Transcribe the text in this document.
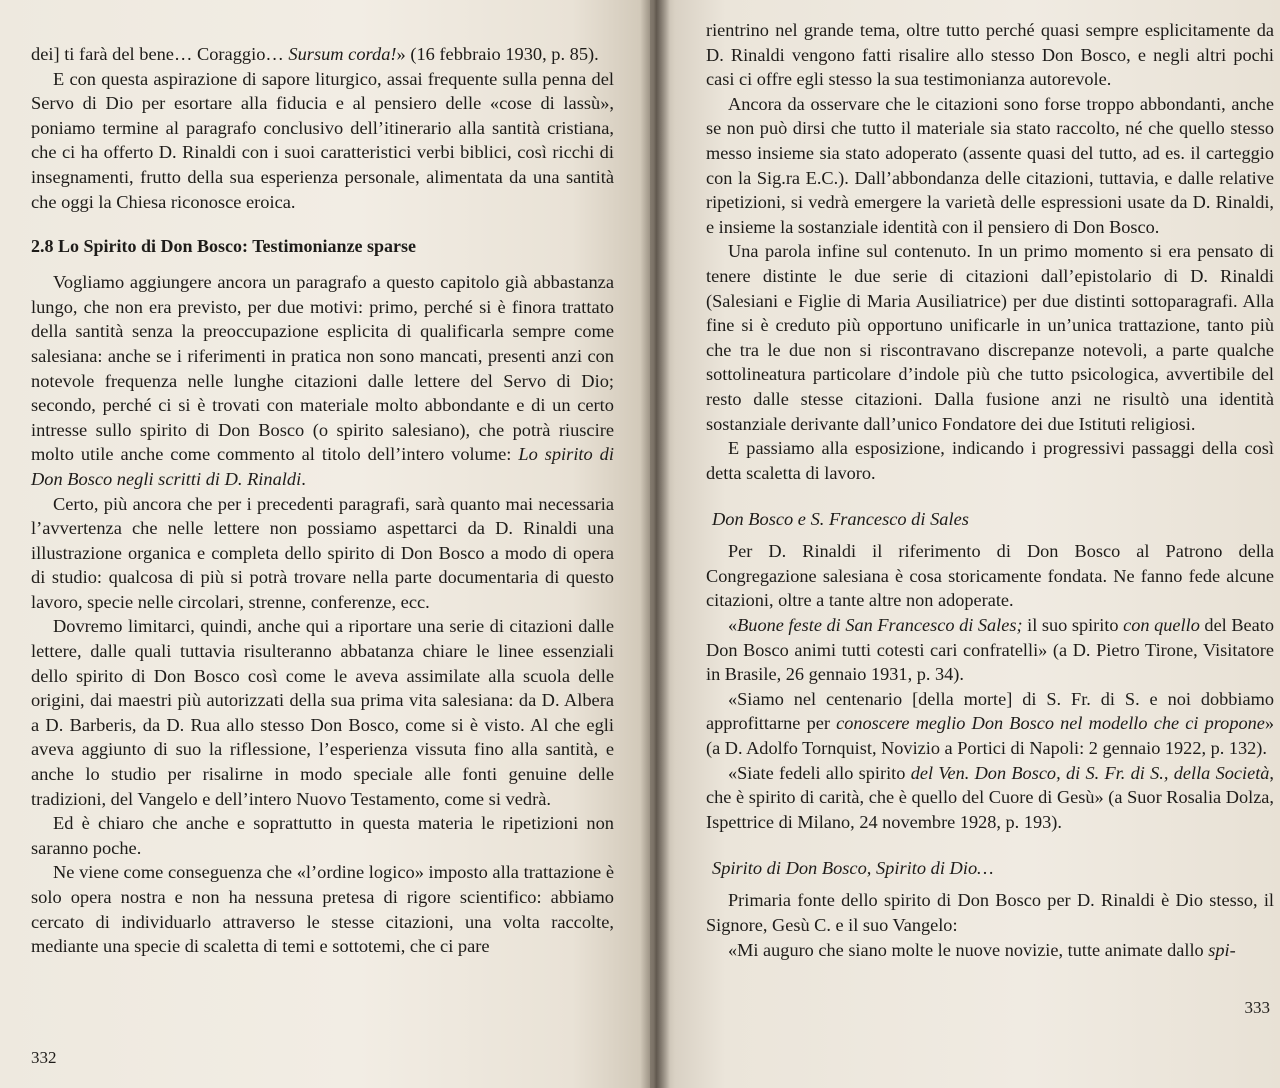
dei] ti farà del bene… Coraggio… Sursum corda!» (16 febbraio 1930, p. 85).

E con questa aspirazione di sapore liturgico, assai frequente sulla penna del Servo di Dio per esortare alla fiducia e al pensiero delle «cose di lassù», poniamo termine al paragrafo conclusivo dell’itinerario alla santità cristiana, che ci ha offerto D. Rinaldi con i suoi caratteristici verbi biblici, così ricchi di insegnamenti, frutto della sua esperienza personale, alimentata da una santità che oggi la Chiesa riconosce eroica.

2.8 Lo Spirito di Don Bosco: Testimonianze sparse

Vogliamo aggiungere ancora un paragrafo a questo capitolo già abbastanza lungo, che non era previsto, per due motivi: primo, perché si è finora trattato della santità senza la preoccupazione esplicita di qualificarla sempre come salesiana: anche se i riferimenti in pratica non sono mancati, presenti anzi con notevole frequenza nelle lunghe citazioni dalle lettere del Servo di Dio; secondo, perché ci si è trovati con materiale molto abbondante e di un certo intresse sullo spirito di Don Bosco (o spirito salesiano), che potrà riuscire molto utile anche come commento al titolo dell’intero volume: Lo spirito di Don Bosco negli scritti di D. Rinaldi.

Certo, più ancora che per i precedenti paragrafi, sarà quanto mai necessaria l’avvertenza che nelle lettere non possiamo aspettarci da D. Rinaldi una illustrazione organica e completa dello spirito di Don Bosco a modo di opera di studio: qualcosa di più si potrà trovare nella parte documentaria di questo lavoro, specie nelle circolari, strenne, conferenze, ecc.

Dovremo limitarci, quindi, anche qui a riportare una serie di citazioni dalle lettere, dalle quali tuttavia risulteranno abbatanza chiare le linee essenziali dello spirito di Don Bosco così come le aveva assimilate alla scuola delle origini, dai maestri più autorizzati della sua prima vita salesiana: da D. Albera a D. Barberis, da D. Rua allo stesso Don Bosco, come si è visto. Al che egli aveva aggiunto di suo la riflessione, l’esperienza vissuta fino alla santità, e anche lo studio per risalirne in modo speciale alle fonti genuine delle tradizioni, del Vangelo e dell’intero Nuovo Testamento, come si vedrà.

Ed è chiaro che anche e soprattutto in questa materia le ripetizioni non saranno poche.

Ne viene come conseguenza che «l’ordine logico» imposto alla trattazione è solo opera nostra e non ha nessuna pretesa di rigore scientifico: abbiamo cercato di individuarlo attraverso le stesse citazioni, una volta raccolte, mediante una specie di scaletta di temi e sottotemi, che ci pare

332

rientrino nel grande tema, oltre tutto perché quasi sempre esplicitamente da D. Rinaldi vengono fatti risalire allo stesso Don Bosco, e negli altri pochi casi ci offre egli stesso la sua testimonianza autorevole.

Ancora da osservare che le citazioni sono forse troppo abbondanti, anche se non può dirsi che tutto il materiale sia stato raccolto, né che quello stesso messo insieme sia stato adoperato (assente quasi del tutto, ad es. il carteggio con la Sig.ra E.C.). Dall’abbondanza delle citazioni, tuttavia, e dalle relative ripetizioni, si vedrà emergere la varietà delle espressioni usate da D. Rinaldi, e insieme la sostanziale identità con il pensiero di Don Bosco.

Una parola infine sul contenuto. In un primo momento si era pensato di tenere distinte le due serie di citazioni dall’epistolario di D. Rinaldi (Salesiani e Figlie di Maria Ausiliatrice) per due distinti sottoparagrafi. Alla fine si è creduto più opportuno unificarle in un’unica trattazione, tanto più che tra le due non si riscontravano discrepanze notevoli, a parte qualche sottolineatura particolare d’indole più che tutto psicologica, avvertibile del resto dalle stesse citazioni. Dalla fusione anzi ne risultò una identità sostanziale derivante dall’unico Fondatore dei due Istituti religiosi.

E passiamo alla esposizione, indicando i progressivi passaggi della così detta scaletta di lavoro.

Don Bosco e S. Francesco di Sales

Per D. Rinaldi il riferimento di Don Bosco al Patrono della Congregazione salesiana è cosa storicamente fondata. Ne fanno fede alcune citazioni, oltre a tante altre non adoperate.

«Buone feste di San Francesco di Sales; il suo spirito con quello del Beato Don Bosco animi tutti cotesti cari confratelli» (a D. Pietro Tirone, Visitatore in Brasile, 26 gennaio 1931, p. 34).

«Siamo nel centenario [della morte] di S. Fr. di S. e noi dobbiamo approfittarne per conoscere meglio Don Bosco nel modello che ci propone» (a D. Adolfo Tornquist, Novizio a Portici di Napoli: 2 gennaio 1922, p. 132).

«Siate fedeli allo spirito del Ven. Don Bosco, di S. Fr. di S., della Società, che è spirito di carità, che è quello del Cuore di Gesù» (a Suor Rosalia Dolza, Ispettrice di Milano, 24 novembre 1928, p. 193).

Spirito di Don Bosco, Spirito di Dio…

Primaria fonte dello spirito di Don Bosco per D. Rinaldi è Dio stesso, il Signore, Gesù C. e il suo Vangelo:

«Mi auguro che siano molte le nuove novizie, tutte animate dallo spi-

333
